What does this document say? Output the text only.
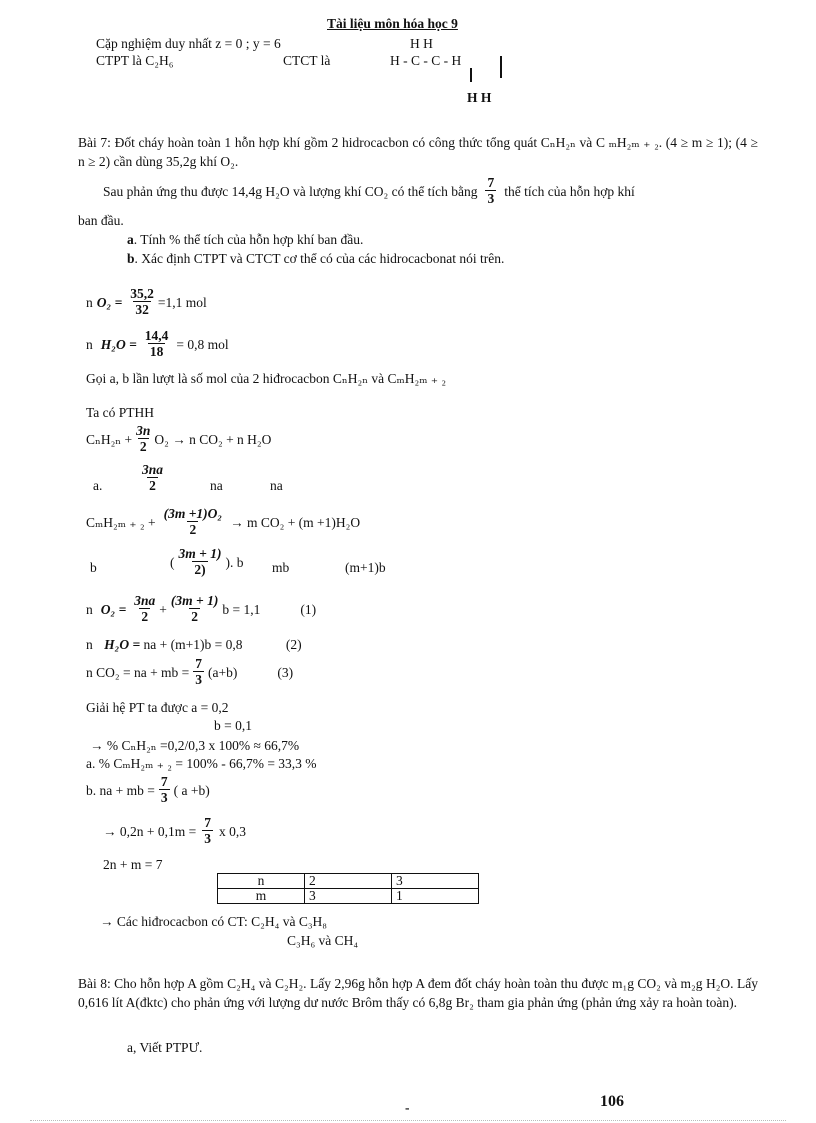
Tài liệu môn hóa học 9
Cặp nghiệm duy nhất z = 0 ; y = 6
CTPT là C₂H₆	CTCT là
H H
H - C - C - H
H H
Bài 7: Đốt cháy hoàn toàn 1 hỗn hợp khí gồm 2 hidrocacbon có công thức tổng quát CₙH₂ₙ và C ₘH₂ₘ ₊ ₂. (4 ≥ m ≥ 1); (4 ≥ n ≥ 2) cần dùng 35,2g khí O₂.
Sau phản ứng thu được 14,4g H₂O và lượng khí CO₂ có thể tích bằng $\frac{7}{3}$ thể tích của hỗn hợp khí
ban đầu.
a. Tính % thể tích của hỗn hợp khí ban đầu.
b. Xác định CTPT và CTCT cơ thể có của các hidrocacbonat nói trên.
n $O_2 = \frac{35,2}{32} =1,1$ mol
n $H_2O = \frac{14,4}{18} = 0,8$ mol
Gọi a, b lần lượt là số mol của 2 hiđrocacbon CₙH₂ₙ và CₘH₂ₘ ₊ ₂
Ta có PTHH
$C_nH_{2n} + \frac{3n}{2} O_2 \to n$ CO₂ + n H₂O
a.	$\frac{3na}{2}$	na	na
CₘH₂ₘ ₊ $_2 + \frac{\text{(3m +1)O₂}}{2} \to m$ CO₂ + (m +1)H₂O
b	( $\frac{3m + 1)}{2)}$ ). b mb	(m+1)b
n $O_2 = \frac{3na}{2} + \frac{(3m + 1)}{2}$ b = 1,1	(1)
n H₂O = na + (m+1)b = 0,8	(2)
n CO₂ = na + mb = $\frac{7}{3} (a+b)$	(3)
Giải hệ PT ta được a = 0,2
b = 0,1
→ % CₙH₂ₙ =0,2/0,3 x 100% ≈ 66,7%
a. % CₘH₂ₘ ₊ ₂ = 100% - 66,7% = 33,3 %
b. na + mb = $\frac{7}{3}$ ( a +b)
→ $0,2n + 0,1m = \frac{7}{3}$ x 0,3
2n + m = 7
n	2	3
m	3	1
→ Các hiđrocacbon có CT: C₂H₄ và C₃H₈
C₃H₆ và CH₄
Bài 8: Cho hỗn hợp A gồm C₂H₄ và C₂H₂. Lấy 2,96g hỗn hợp A đem đốt cháy hoàn toàn thu được m₁g CO₂ và m₂g H₂O. Lấy 0,616 lít A(đktc) cho phản ứng với lượng dư nước Brôm thấy có 6,8g Br₂ tham gia phản ứng (phản ứng xảy ra hoàn toàn).
a, Viết PTPƯ.
-	106
